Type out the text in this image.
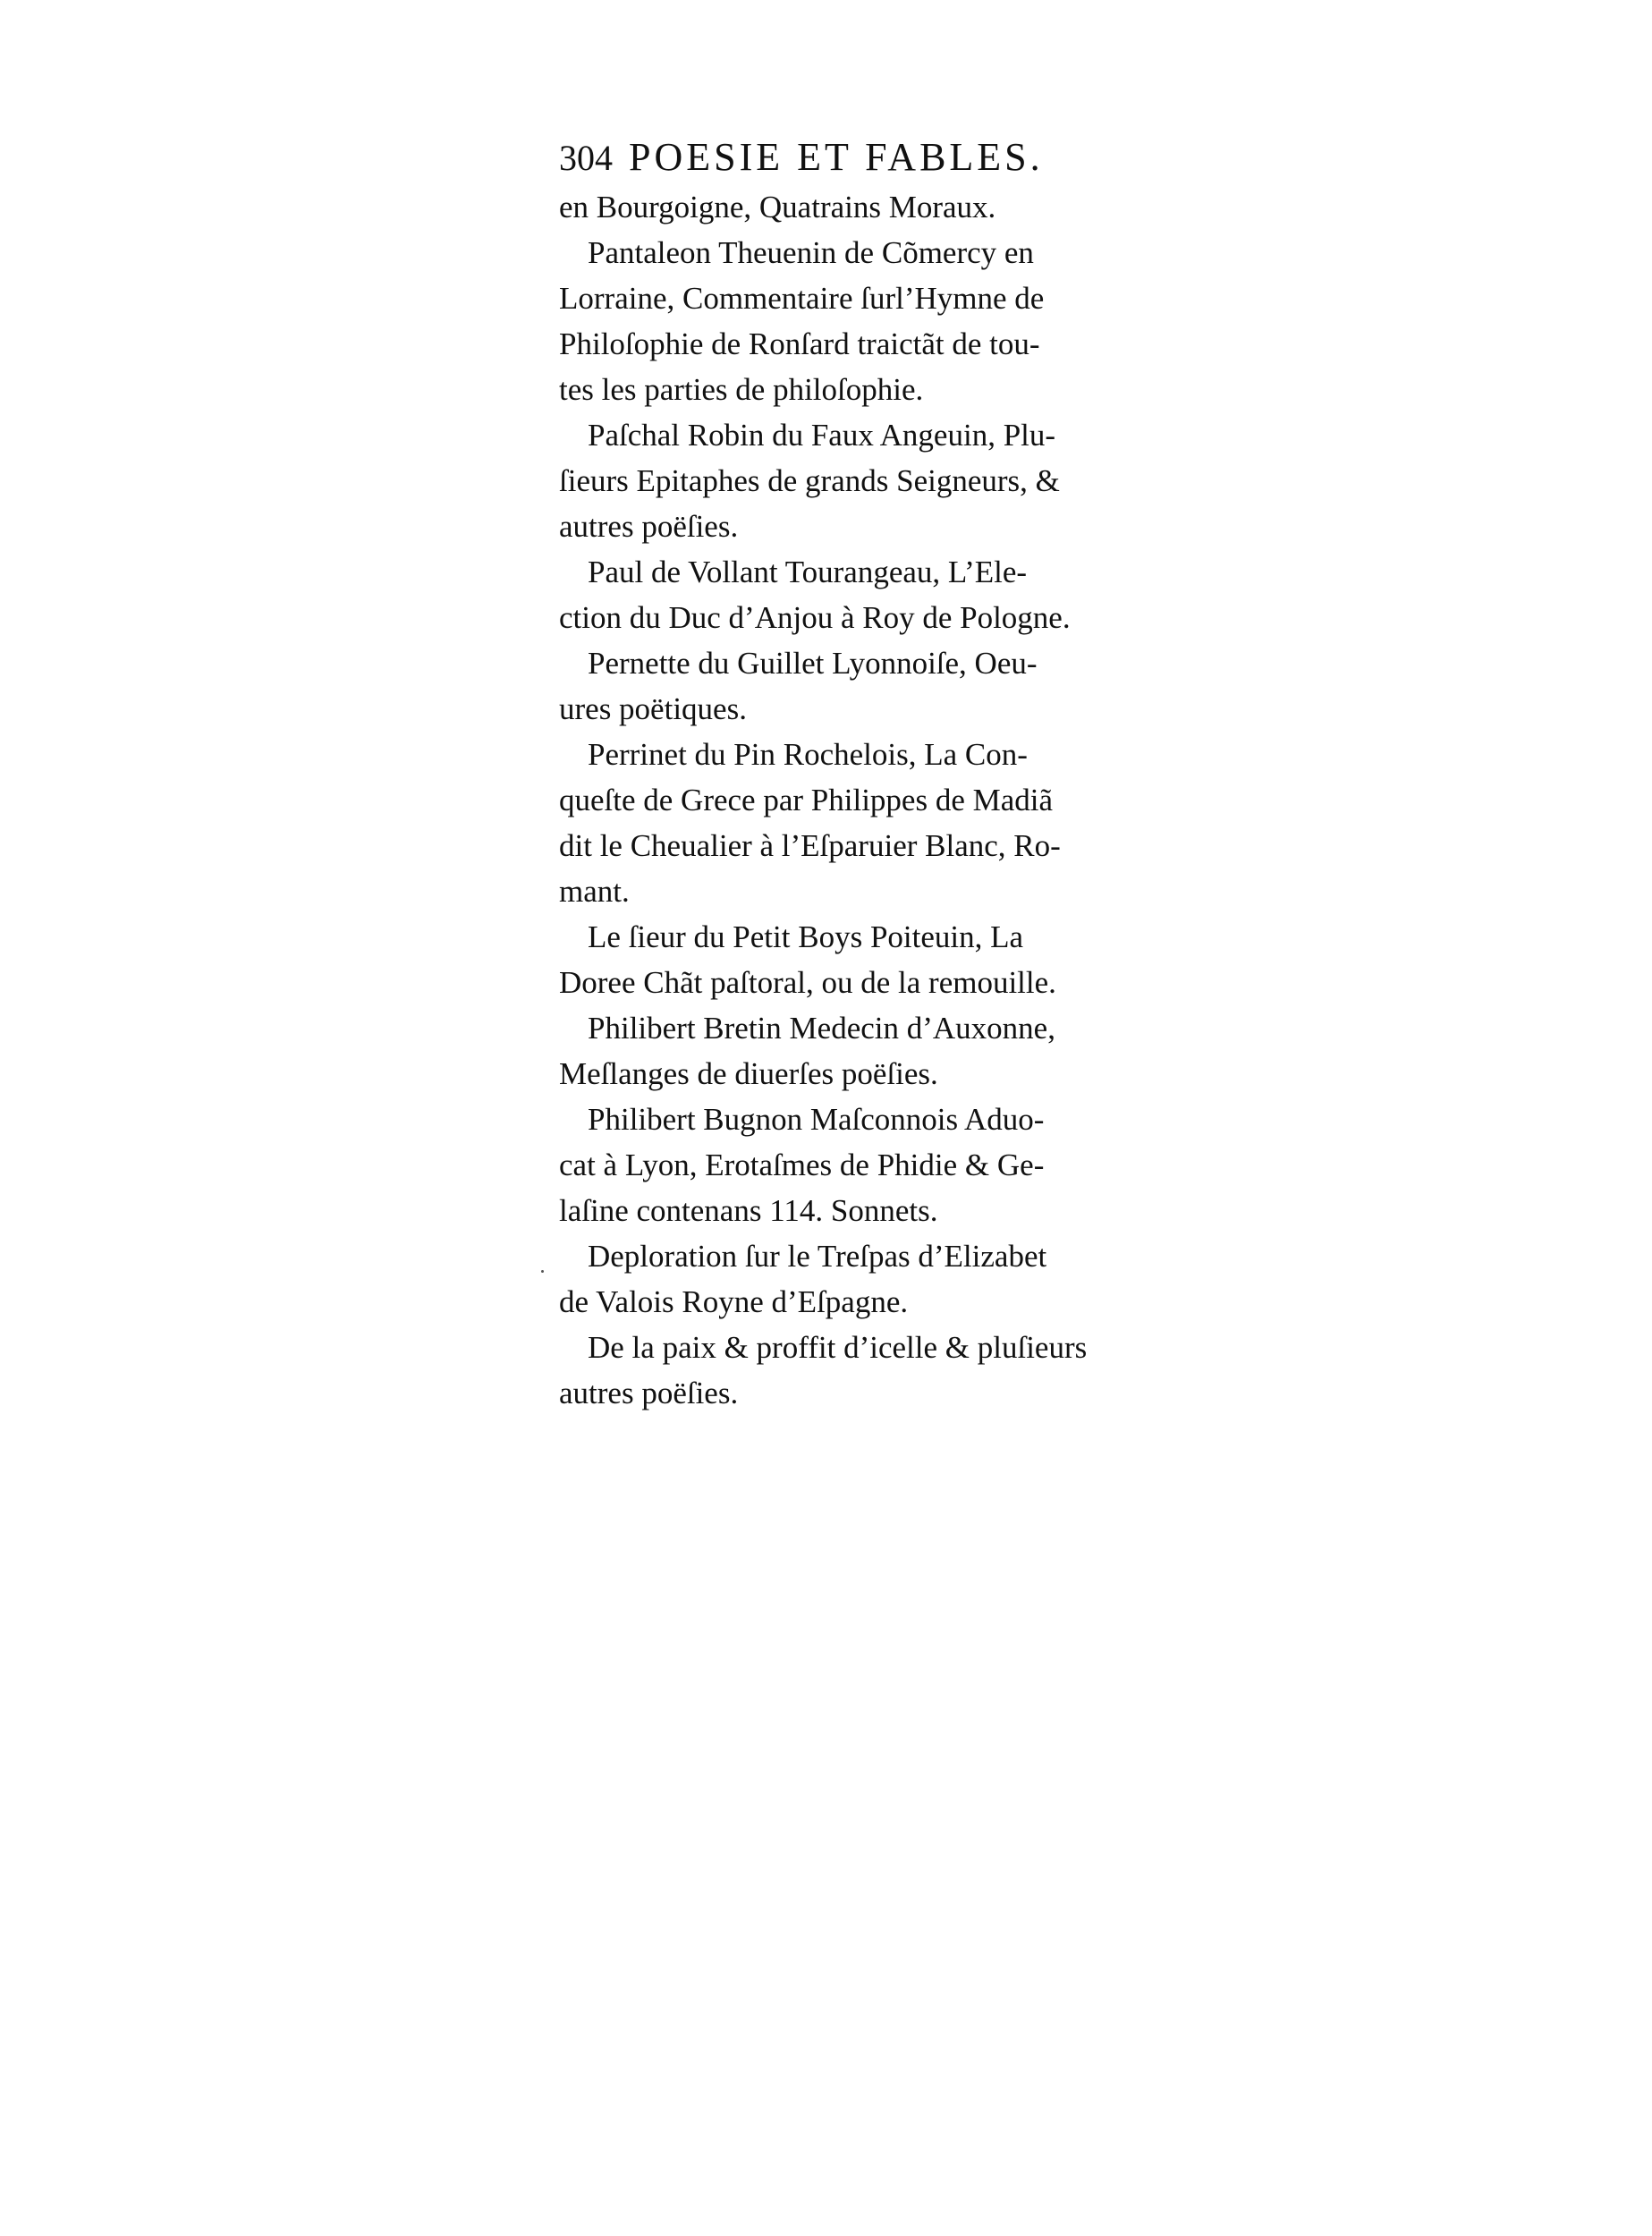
304 POESIE ET FABLES.
en Bourgoigne, Quatrains Moraux.
Pantaleon Theuenin de Cõmercy en
Lorraine, Commentaire ſurl’Hymne de
Philoſophie de Ronſard traictãt de tou-
tes les parties de philoſophie.
Paſchal Robin du Faux Angeuin, Plu-
ſieurs Epitaphes de grands Seigneurs, &
autres poëſies.
Paul de Vollant Tourangeau, L’Ele-
ction du Duc d’Anjou à Roy de Pologne.
Pernette du Guillet Lyonnoiſe, Oeu-
ures poëtiques.
Perrinet du Pin Rochelois, La Con-
queſte de Grece par Philippes de Madiã
dit le Cheualier à l’Eſparuier Blanc, Ro-
mant.
Le ſieur du Petit Boys Poiteuin, La
Doree Chãt paſtoral, ou de la remouille.
Philibert Bretin Medecin d’Auxonne,
Meſlanges de diuerſes poëſies.
Philibert Bugnon Maſconnois Aduo-
cat à Lyon, Erotaſmes de Phidie & Ge-
laſine contenans 114. Sonnets.
Deploration ſur le Treſpas d’Elizabet
de Valois Royne d’Eſpagne.
De la paix & proffit d’icelle & pluſieurs
autres poëſies.
